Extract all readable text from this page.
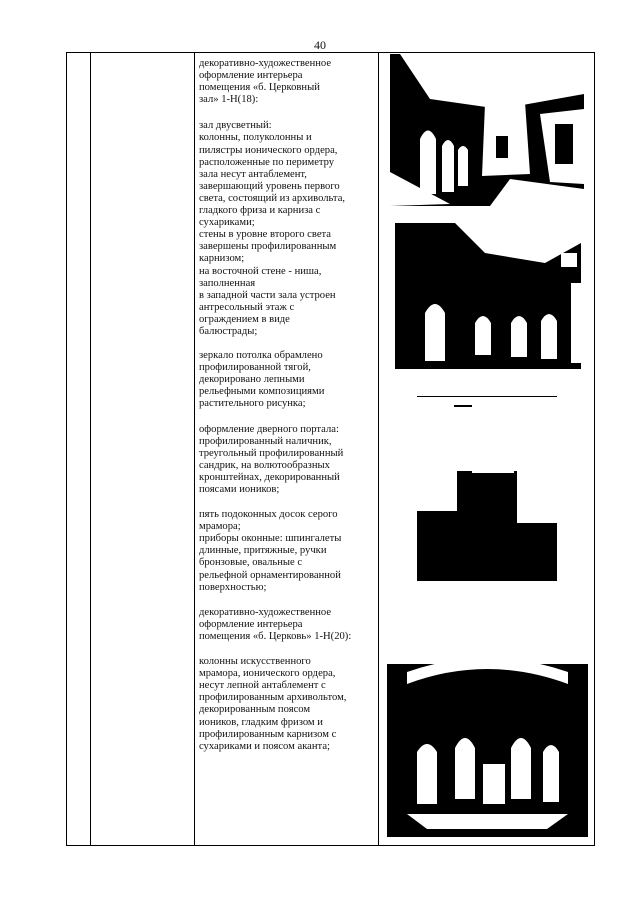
40

декоративно-художественное

оформление интерьера

помещения «б. Церковный

зал» 1-Н(18):

зал двусветный:

колонны, полуколонны и

пилястры ионического ордера,

расположенные по периметру

зала несут антаблемент,

завершающий уровень первого

света, состоящий из архивольта,

гладкого фриза и карниза с

сухариками;

стены в уровне второго света

завершены профилированным

карнизом;

на восточной стене - ниша,

заполненная

в западной части зала устроен

антресольный этаж с

ограждением в виде

балюстрады;

зеркало потолка обрамлено

профилированной тягой,

декорировано лепными

рельефными композициями

растительного рисунка;

оформление дверного портала:

профилированный наличник,

треугольный профилированный

сандрик, на волютообразных

кронштейнах, декорированный

поясами иоников;

пять подоконных досок серого

мрамора;

приборы оконные: шпингалеты

длинные, притяжные, ручки

бронзовые, овальные с

рельефной орнаментированной

поверхностью;

декоративно-художественное

оформление интерьера

помещения «б. Церковь» 1-Н(20):

колонны искусственного

мрамора, ионического ордера,

несут лепной антаблемент с

профилированным архивольтом,

декорированным поясом

иоников, гладким фризом и

профилированным карнизом с

сухариками и поясом аканта;
